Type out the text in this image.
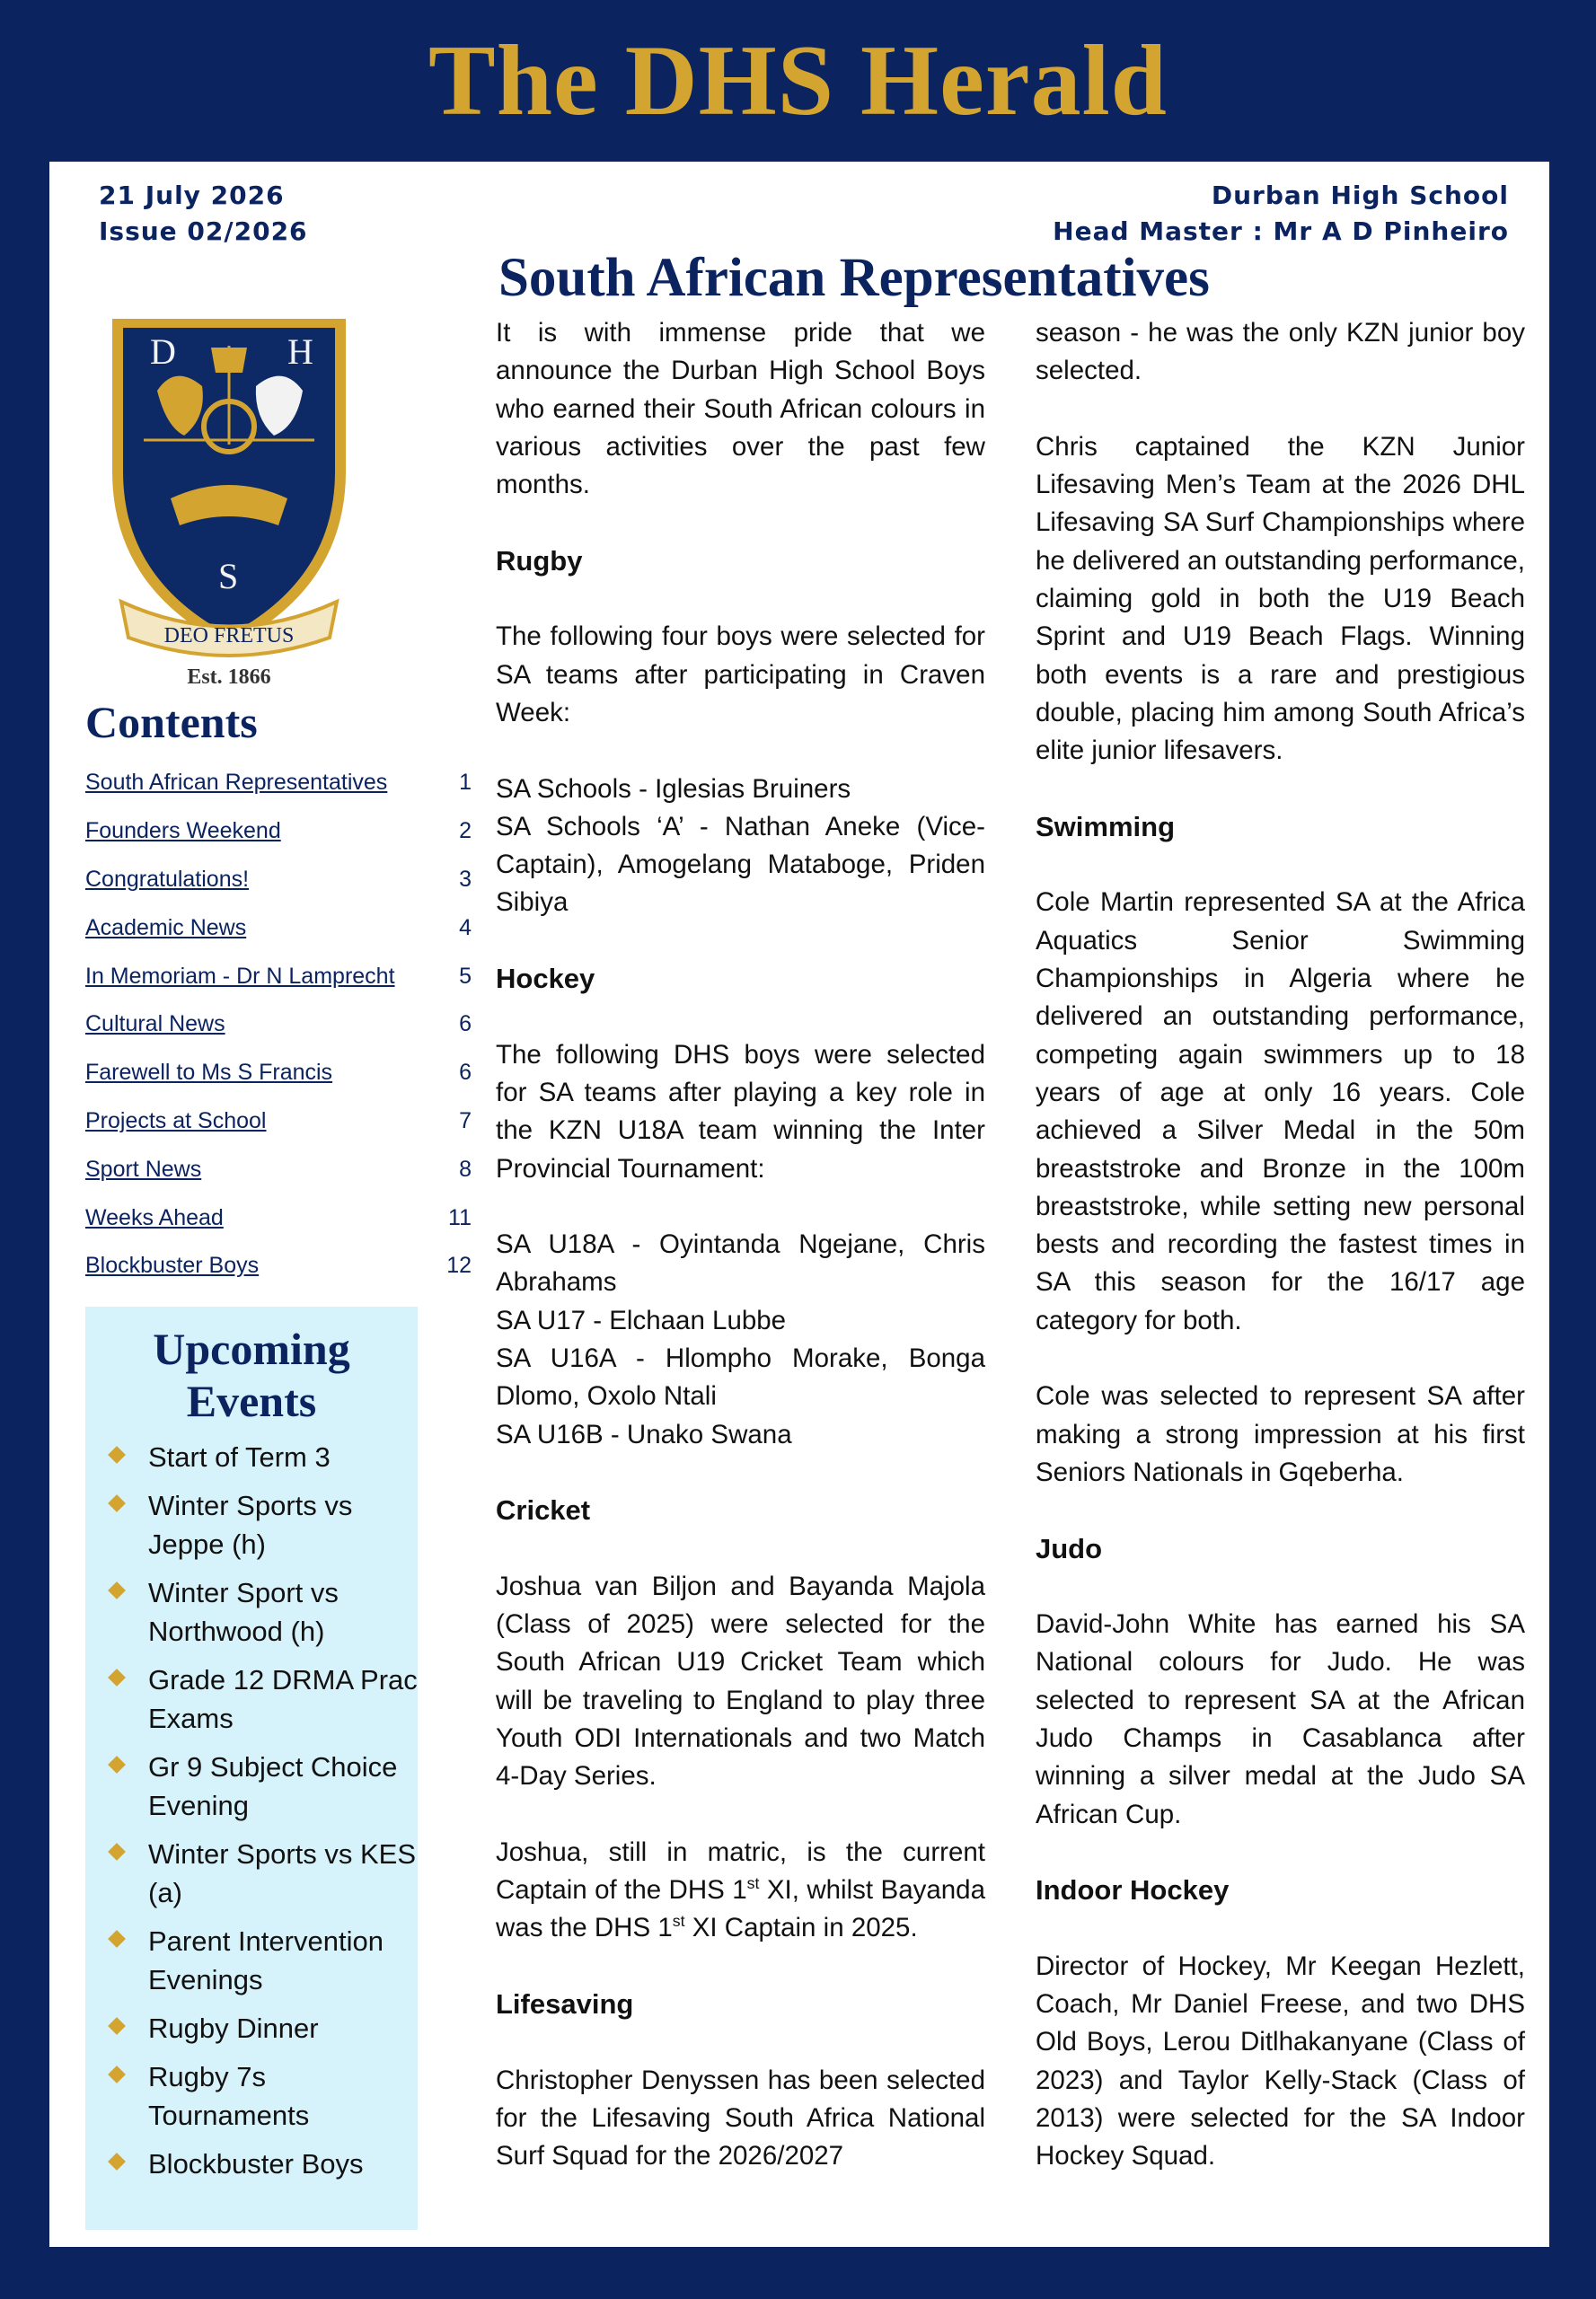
The DHS Herald
21 July 2026
Issue 02/2026
Durban High School
Head Master : Mr A D Pinheiro
D	H
S
DEO FRETUS
Est. 1866
Contents
South African Representatives	1
Founders Weekend	2
Congratulations!	3
Academic News	4
In Memoriam - Dr N Lamprecht	5
Cultural News	6
Farewell to Ms S Francis	6
Projects at School	7
Sport News	8
Weeks Ahead	11
Blockbuster Boys	12
Upcoming
Events
Start of Term 3
Winter Sports vs Jeppe (h)
Winter Sport vs Northwood (h)
Grade 12 DRMA Prac Exams
Gr 9 Subject Choice Evening
Winter Sports vs KES (a)
Parent Intervention Evenings
Rugby Dinner
Rugby 7s Tournaments
Blockbuster Boys
South African Representatives

It is with immense pride that we announce the Durban High School Boys who earned their South African colours in various activities over the past few months.

Rugby

The following four boys were selected for SA teams after participating in Craven Week:

SA Schools - Iglesias Bruiners

SA Schools ‘A’ - Nathan Aneke (Vice-Captain), Amogelang Mataboge, Priden Sibiya

Hockey

The following DHS boys were selected for SA teams after playing a key role in the KZN U18A team winning the Inter Provincial Tournament:

SA U18A - Oyintanda Ngejane, Chris Abrahams

SA U17 - Elchaan Lubbe

SA U16A - Hlompho Morake, Bonga Dlomo, Oxolo Ntali

SA U16B - Unako Swana

Cricket

Joshua van Biljon and Bayanda Majola (Class of 2025) were selected for the South African U19 Cricket Team which will be traveling to England to play three Youth ODI Internationals and two Match 4-Day Series.

Joshua, still in matric, is the current Captain of the DHS 1st XI, whilst Bayanda was the DHS 1st XI Captain in 2025.

Lifesaving

Christopher Denyssen has been selected for the Lifesaving South Africa National Surf Squad for the 2026/2027

season - he was the only KZN junior boy selected.

Chris captained the KZN Junior Lifesaving Men’s Team at the 2026 DHL Lifesaving SA Surf Championships where he delivered an outstanding performance, claiming gold in both the U19 Beach Sprint and U19 Beach Flags. Winning both events is a rare and prestigious double, placing him among South Africa’s elite junior lifesavers.

Swimming

Cole Martin represented SA at the Africa Aquatics Senior Swimming Championships in Algeria where he delivered an outstanding performance, competing again swimmers up to 18 years of age at only 16 years. Cole achieved a Silver Medal in the 50m breaststroke and Bronze in the 100m breaststroke, while setting new personal bests and recording the fastest times in SA this season for the 16/17 age category for both.

Cole was selected to represent SA after making a strong impression at his first Seniors Nationals in Gqeberha.

Judo

David-John White has earned his SA National colours for Judo. He was selected to represent SA at the African Judo Champs in Casablanca after winning a silver medal at the Judo SA African Cup.

Indoor Hockey

Director of Hockey, Mr Keegan Hezlett, Coach, Mr Daniel Freese, and two DHS Old Boys, Lerou Ditlhakanyane (Class of 2023) and Taylor Kelly-Stack (Class of 2013) were selected for the SA Indoor Hockey Squad.
